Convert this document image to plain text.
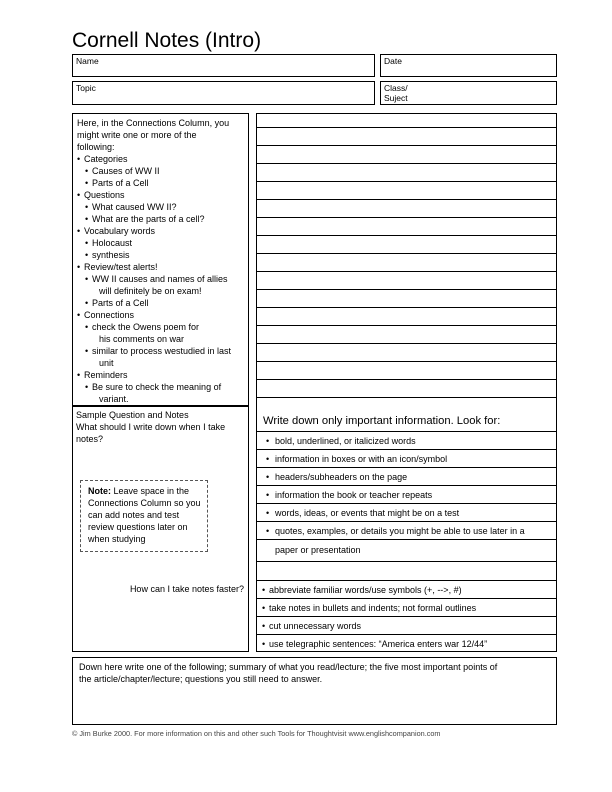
Cornell Notes (Intro)
Name	Date
Topic	Class/
Suject
Here, in the Connections Column, you
might write one or more of the
following:
• Categories
• Causes of WW II
• Parts of a Cell
• Questions
• What caused WW II?
• What are the parts of a cell?
• Vocabulary words
• Holocaust
• synthesis
• Review/test alerts!
• WW II causes and names of allies
will definitely be on exam!
• Parts of a Cell
• Connections
• check the Owens poem for
his comments on war
• similar to process westudied in last
unit
• Reminders
• Be sure to check the meaning of
variant.
Sample Question and Notes
What should I write down when I take
notes?
Note: Leave space in the
Connections Column so you
can add notes and test
review questions later on
when studying
How can I take notes faster?
Write down only important information. Look for:
• bold, underlined, or italicized words
• information in boxes or with an icon/symbol
• headers/subheaders on the page
• information the book or teacher repeats
• words, ideas, or events that might be on a test
• quotes, examples, or details you might be able to use later in a
paper or presentation
• abbreviate familiar words/use symbols (+, -->, #)
• take notes in bullets and indents; not formal outlines
• cut unnecessary words
• use telegraphic sentences: “America enters war 12/44”
Down here write one of the following; summary of what you read/lecture; the five most important points of
the article/chapter/lecture; questions you still need to answer.
© Jim Burke 2000. For more information on this and other such Tools for Thoughtvisit www.englishcompanion.com
